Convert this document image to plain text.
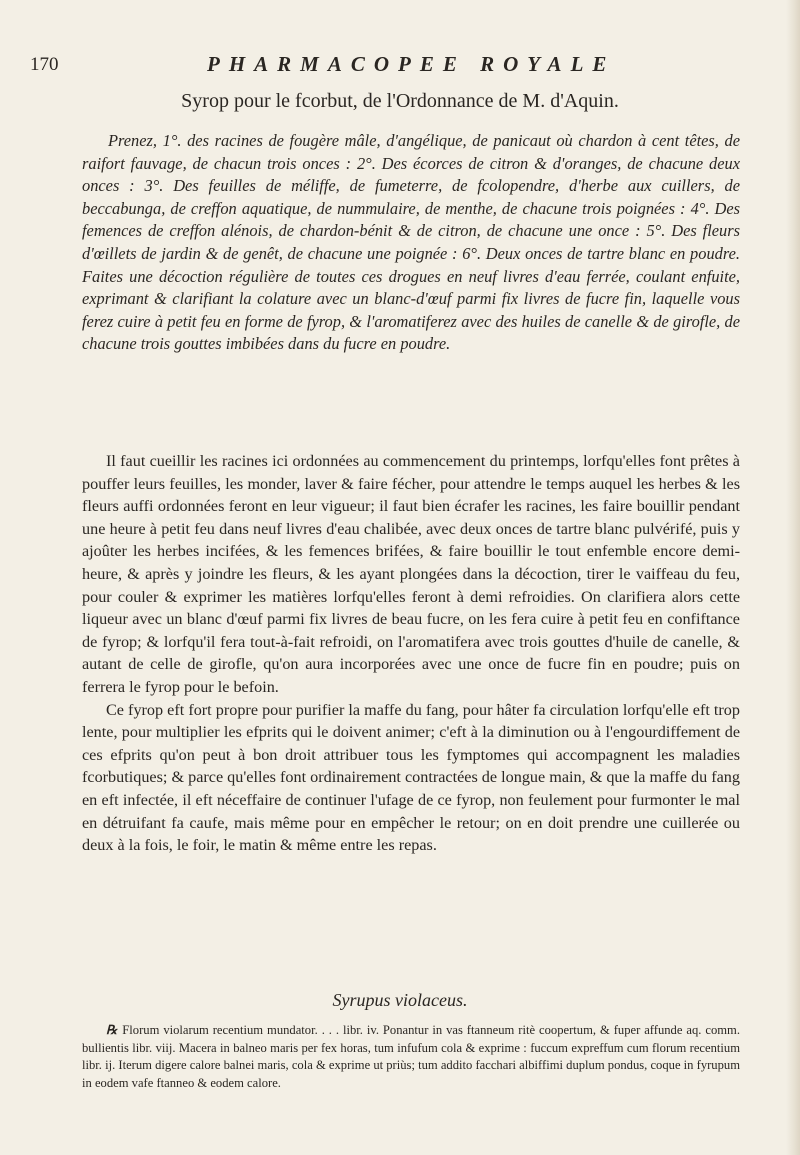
170	PHARMACOPEE ROYALE
Syrop pour le fcorbut, de l'Ordonnance de M. d'Aquin.
Prenez, 1°. des racines de fougère mâle, d'angélique, de panicaut où chardon à cent têtes, de raifort fauvage, de chacun trois onces : 2°. Des écorces de citron & d'oranges, de chacune deux onces : 3°. Des feuilles de méliffe, de fumeterre, de fcolopendre, d'herbe aux cuillers, de beccabunga, de creffon aquatique, de nummulaire, de menthe, de chacune trois poignées : 4°. Des femences de creffon alénois, de chardon-bénit & de citron, de chacune une once : 5°. Des fleurs d'œillets de jardin & de genêt, de chacune une poignée : 6°. Deux onces de tartre blanc en poudre. Faites une décoction régulière de toutes ces drogues en neuf livres d'eau ferrée, coulant enfuite, exprimant & clarifiant la colature avec un blanc-d'œuf parmi fix livres de fucre fin, laquelle vous ferez cuire à petit feu en forme de fyrop, & l'aromatiferez avec des huiles de canelle & de girofle, de chacune trois gouttes imbibées dans du fucre en poudre.

Il faut cueillir les racines ici ordonnées au commencement du printemps, lorfqu'elles font prêtes à pouffer leurs feuilles, les monder, laver & faire fécher, pour attendre le temps auquel les herbes & les fleurs auffi ordonnées feront en leur vigueur; il faut bien écrafer les racines, les faire bouillir pendant une heure à petit feu dans neuf livres d'eau chalibée, avec deux onces de tartre blanc pulvérifé, puis y ajoûter les herbes incifées, & les femences brifées, & faire bouillir le tout enfemble encore demi-heure, & après y joindre les fleurs, & les ayant plongées dans la décoction, tirer le vaiffeau du feu, pour couler & exprimer les matières lorfqu'elles feront à demi refroidies. On clarifiera alors cette liqueur avec un blanc d'œuf parmi fix livres de beau fucre, on les fera cuire à petit feu en confiftance de fyrop; & lorfqu'il fera tout-à-fait refroidi, on l'aromatifera avec trois gouttes d'huile de canelle, & autant de celle de girofle, qu'on aura incorporées avec une once de fucre fin en poudre; puis on ferrera le fyrop pour le befoin.

Ce fyrop eft fort propre pour purifier la maffe du fang, pour hâter fa circulation lorfqu'elle eft trop lente, pour multiplier les efprits qui le doivent animer; c'eft à la diminution ou à l'engourdiffement de ces efprits qu'on peut à bon droit attribuer tous les fymptomes qui accompagnent les maladies fcorbutiques; & parce qu'elles font ordinairement contractées de longue main, & que la maffe du fang en eft infectée, il eft néceffaire de continuer l'ufage de ce fyrop, non feulement pour furmonter le mal en détruifant fa caufe, mais même pour en empêcher le retour; on en doit prendre une cuillerée ou deux à la fois, le foir, le matin & même entre les repas.

Syrupus violaceus.
℞ Florum violarum recentium mundator. . . . libr. iv. Ponantur in vas ftanneum ritè coopertum, & fuper affunde aq. comm. bullientis libr. viij. Macera in balneo maris per fex horas, tum infufum cola & exprime : fuccum expreffum cum florum recentium libr. ij. Iterum digere calore balnei maris, cola & exprime ut priùs; tum addito facchari albiffimi duplum pondus, coque in fyrupum in eodem vafe ftanneo & eodem calore.
